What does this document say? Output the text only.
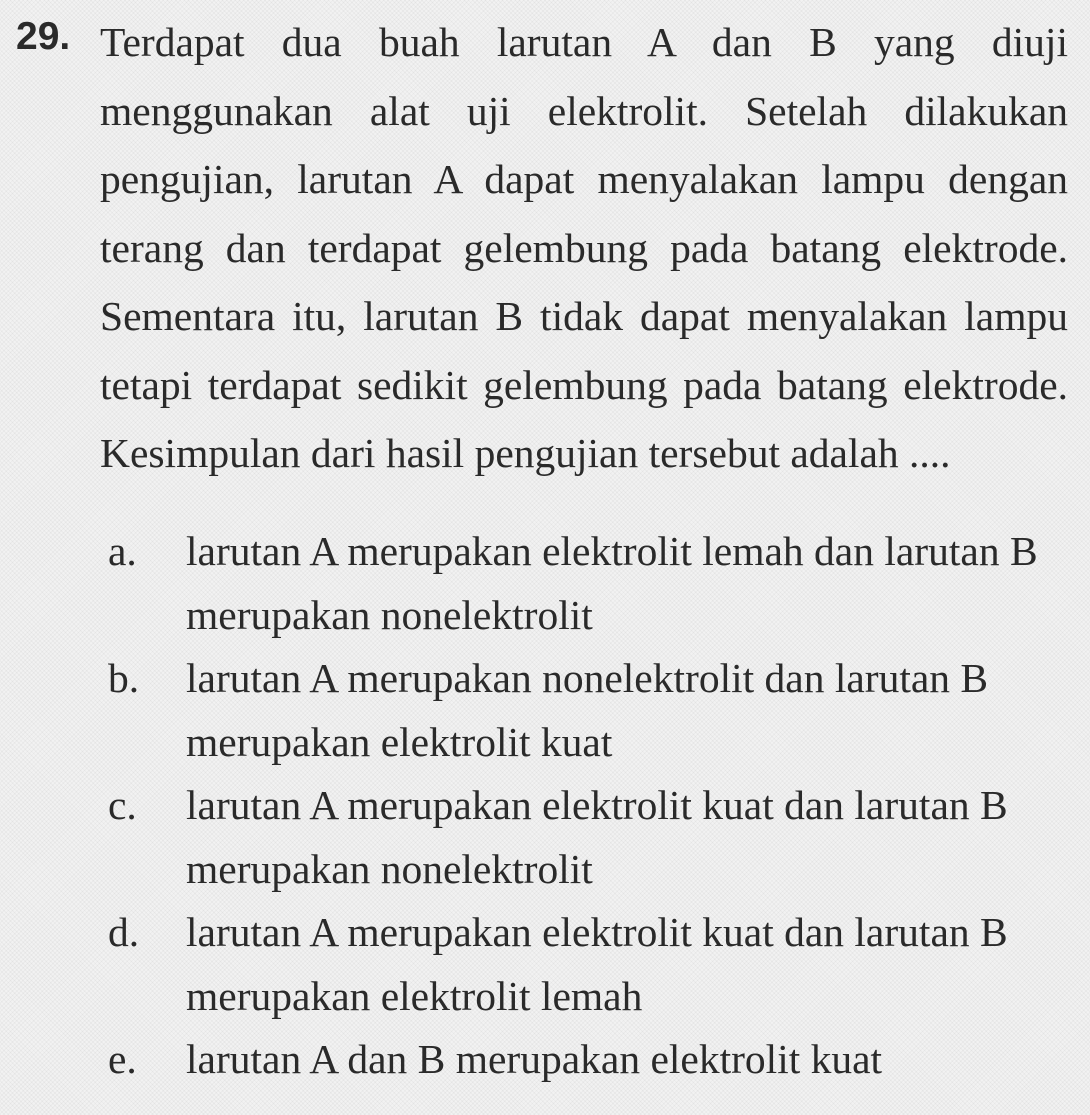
29. Terdapat dua buah larutan A dan B yang diuji menggunakan alat uji elektrolit. Setelah dilakukan pengujian, larutan A dapat menyalakan lampu dengan terang dan terdapat gelembung pada batang elektrode. Sementara itu, larutan B tidak dapat menyalakan lampu tetapi terdapat sedikit gelembung pada batang elektrode. Kesimpulan dari hasil pengujian tersebut adalah ....

a. larutan A merupakan elektrolit lemah dan larutan B merupakan nonelektrolit
b. larutan A merupakan nonelektrolit dan larutan B merupakan elektrolit kuat
c. larutan A merupakan elektrolit kuat dan larutan B merupakan nonelektrolit
d. larutan A merupakan elektrolit kuat dan larutan B merupakan elektrolit lemah
e. larutan A dan B merupakan elektrolit kuat
